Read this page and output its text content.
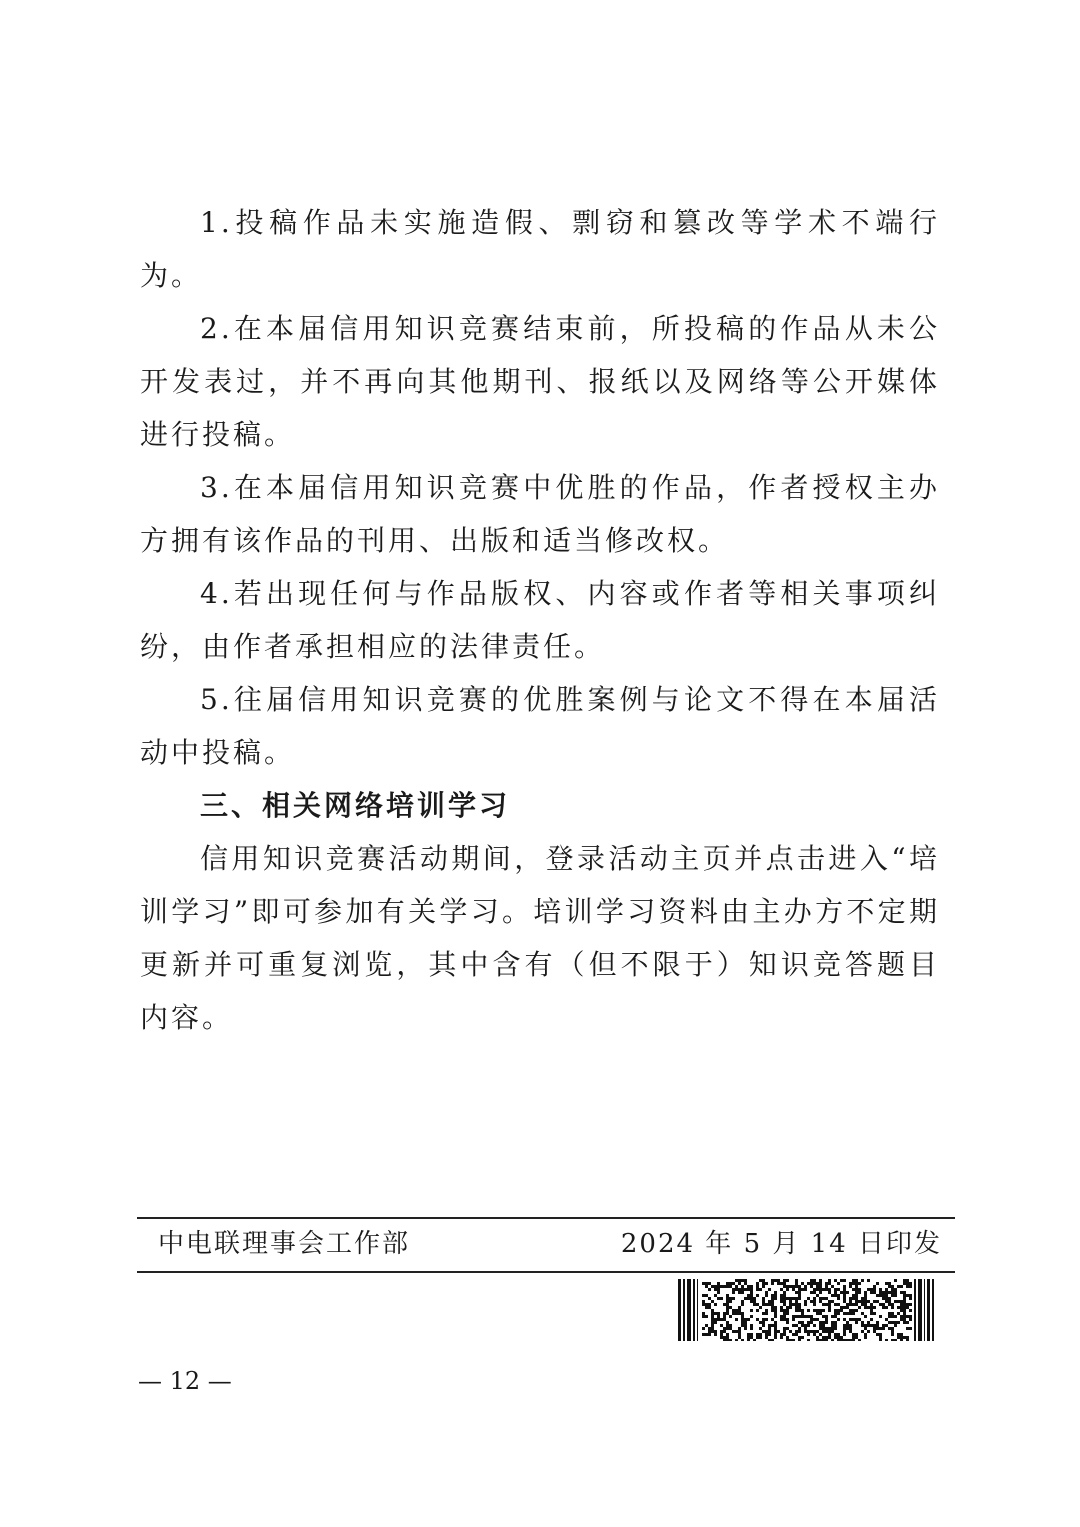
1.投稿作品未实施造假、剽窃和篡改等学术不端行为。

2.在本届信用知识竞赛结束前，所投稿的作品从未公开发表过，并不再向其他期刊、报纸以及网络等公开媒体进行投稿。

3.在本届信用知识竞赛中优胜的作品，作者授权主办方拥有该作品的刊用、出版和适当修改权。

4.若出现任何与作品版权、内容或作者等相关事项纠纷，由作者承担相应的法律责任。

5.往届信用知识竞赛的优胜案例与论文不得在本届活动中投稿。

三、相关网络培训学习

信用知识竞赛活动期间，登录活动主页并点击进入“培训学习”即可参加有关学习。培训学习资料由主办方不定期更新并可重复浏览，其中含有（但不限于）知识竞答题目内容。

中电联理事会工作部	2024 年 5 月 14 日印发
— 12 —
